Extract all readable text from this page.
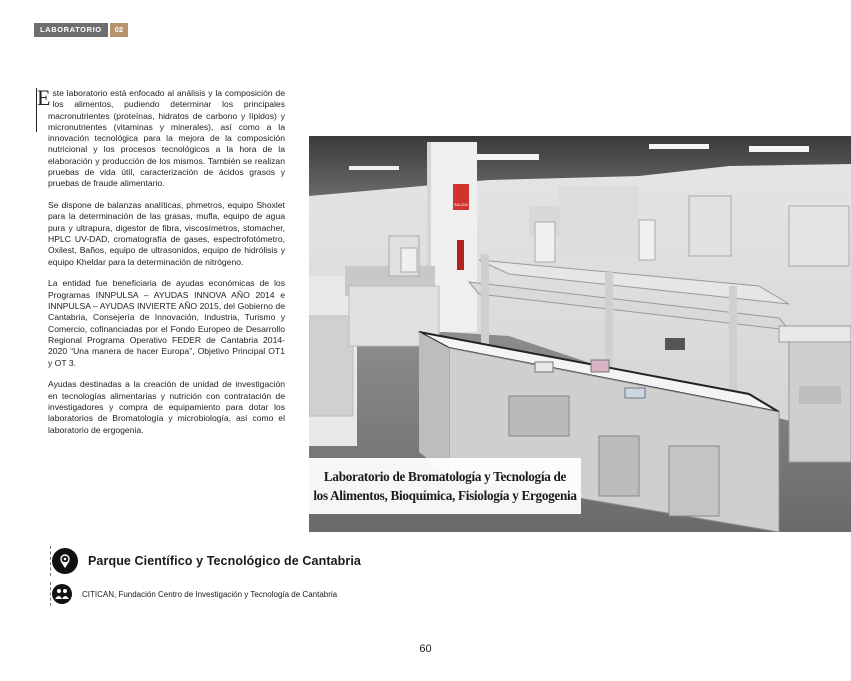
LABORATORIO	02

Este laboratorio está enfocado al análisis y la composición de los alimentos, pudiendo determinar los principales macronutrientes (proteínas, hidratos de carbono y lípidos) y micronutrientes (vitaminas y minerales), así como a la innovación tecnológica para la mejora de la composición nutricional y los procesos tecnológicos a la hora de la elaboración y producción de los mismos. También se realizan pruebas de vida útil, caracterización de ácidos grasos y pruebas de fraude alimentario.

Se dispone de balanzas analíticas, phmetros, equipo Shoxlet para la determinación de las grasas, mufla, equipo de agua pura y ultrapura, digestor de fibra, viscosímetros, stomacher, HPLC UV-DAD, cromatografía de gases, espectrofotómetro, Oxilest, Baños, equipo de ultrasonidos, equipo de hidrólisis y equipo Kheldar para la determinación de nitrógeno.

La entidad fue beneficiaria de ayudas económicas de los Programas INNPULSA – AYUDAS INNOVA AÑO 2014 e INNPULSA – AYUDAS INVIERTE AÑO 2015, del Gobierno de Cantabria, Consejería de Innovación, Industria, Turismo y Comercio, cofinanciadas por el Fondo Europeo de Desarrollo Regional Programa Operativo FEDER de Cantabria 2014-2020 “Una manera de hacer Europa”, Objetivo Principal OT1 y OT 3.

Ayudas destinadas a la creación de unidad de investigación en tecnologías alimentarias y nutrición con contratación de investigadores y compra de equipamiento para dotar los laboratorios de Bromatología y microbiología, así como el laboratorio de ergogenia.

SALIDA
Laboratorio de Bromatología y Tecnología de
los Alimentos, Bioquímica, Fisiología y Ergogenia
Parque Científico y Tecnológico de Cantabria
CITICAN, Fundación Centro de Investigación y Tecnología de Cantabria
60
